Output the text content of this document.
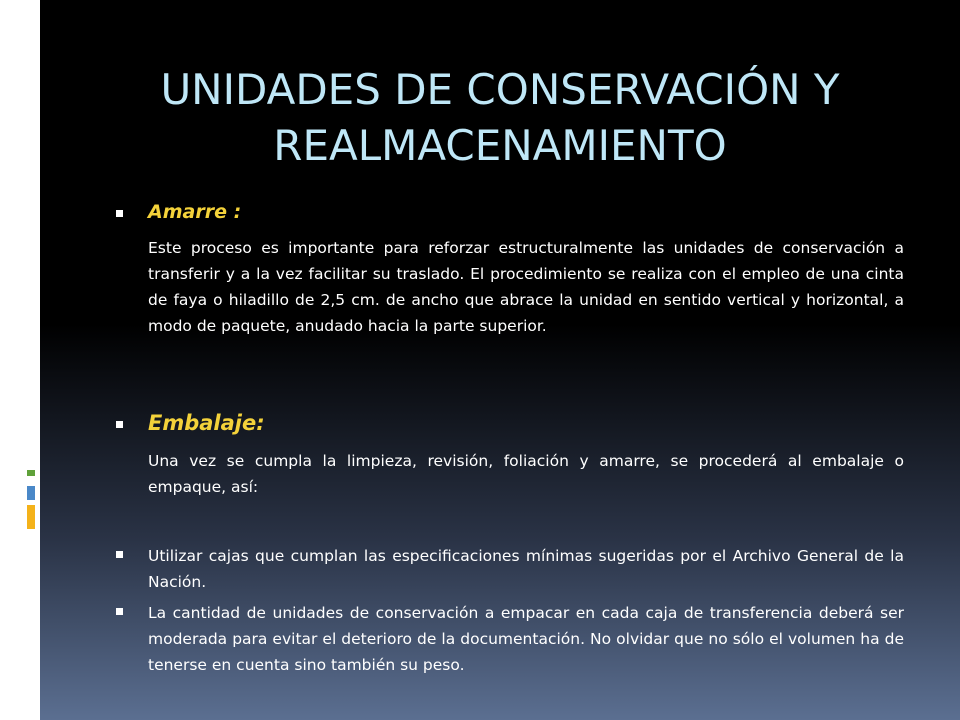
UNIDADES DE CONSERVACIÓN Y
REALMACENAMIENTO
Amarre :
Este proceso es importante para reforzar estructuralmente las unidades de conservación a transferir y a la vez facilitar su traslado. El procedimiento se realiza con el empleo de una cinta de faya o hiladillo de 2,5 cm. de ancho que abrace la unidad en sentido vertical y horizontal, a modo de paquete, anudado hacia la parte superior.
Embalaje:
Una vez se cumpla la limpieza, revisión, foliación y amarre, se procederá al embalaje o empaque, así:
Utilizar cajas que cumplan las especificaciones mínimas sugeridas por el Archivo General de la Nación.
La cantidad de unidades de conservación a empacar en cada caja de transferencia deberá ser moderada para evitar el deterioro de la documentación. No olvidar que no sólo el volumen ha de tenerse en cuenta sino también su peso.
